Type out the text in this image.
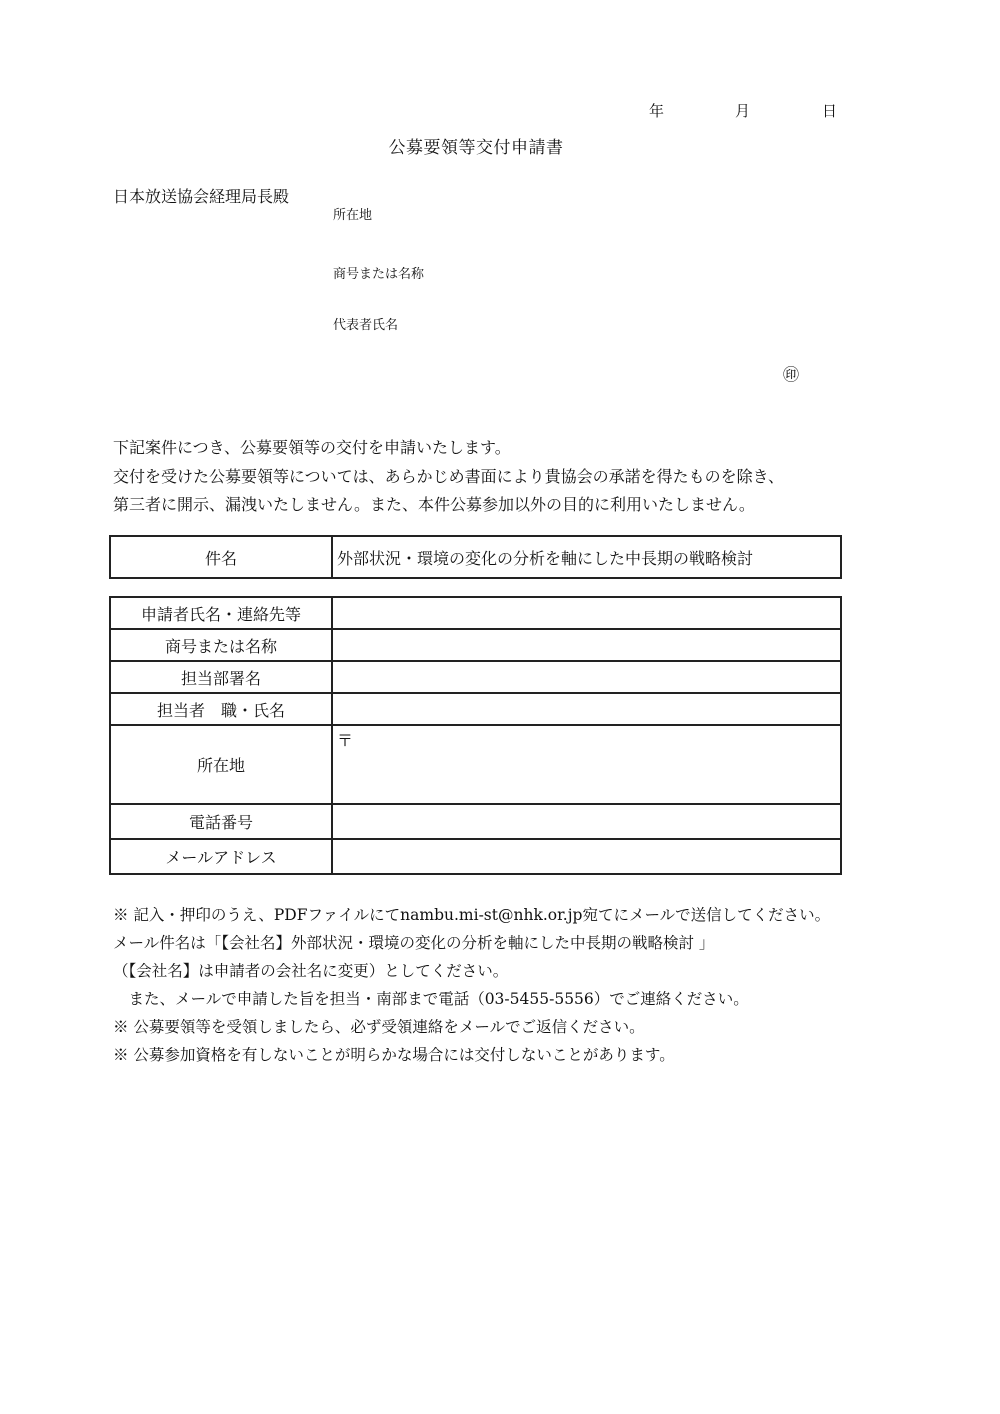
年	月	日
公募要領等交付申請書
日本放送協会経理局長殿
所在地
商号または名称
代表者氏名
㊞
下記案件につき、公募要領等の交付を申請いたします。
交付を受けた公募要領等については、あらかじめ書面により貴協会の承諾を得たものを除き、
第三者に開示、漏洩いたしません。また、本件公募参加以外の目的に利用いたしません。
件名	外部状況・環境の変化の分析を軸にした中長期の戦略検討
申請者氏名・連絡先等	
商号または名称	
担当部署名	
担当者　職・氏名	
所在地	〒
電話番号	
メールアドレス	
※ 記入・押印のうえ、PDFファイルにてnambu.mi-st@nhk.or.jp宛てにメールで送信してください。
メール件名は「【会社名】外部状況・環境の変化の分析を軸にした中長期の戦略検討 」
（【会社名】は申請者の会社名に変更）としてください。
　また、メールで申請した旨を担当・南部まで電話（03-5455-5556）でご連絡ください。
※ 公募要領等を受領しましたら、必ず受領連絡をメールでご返信ください。
※ 公募参加資格を有しないことが明らかな場合には交付しないことがあります。
